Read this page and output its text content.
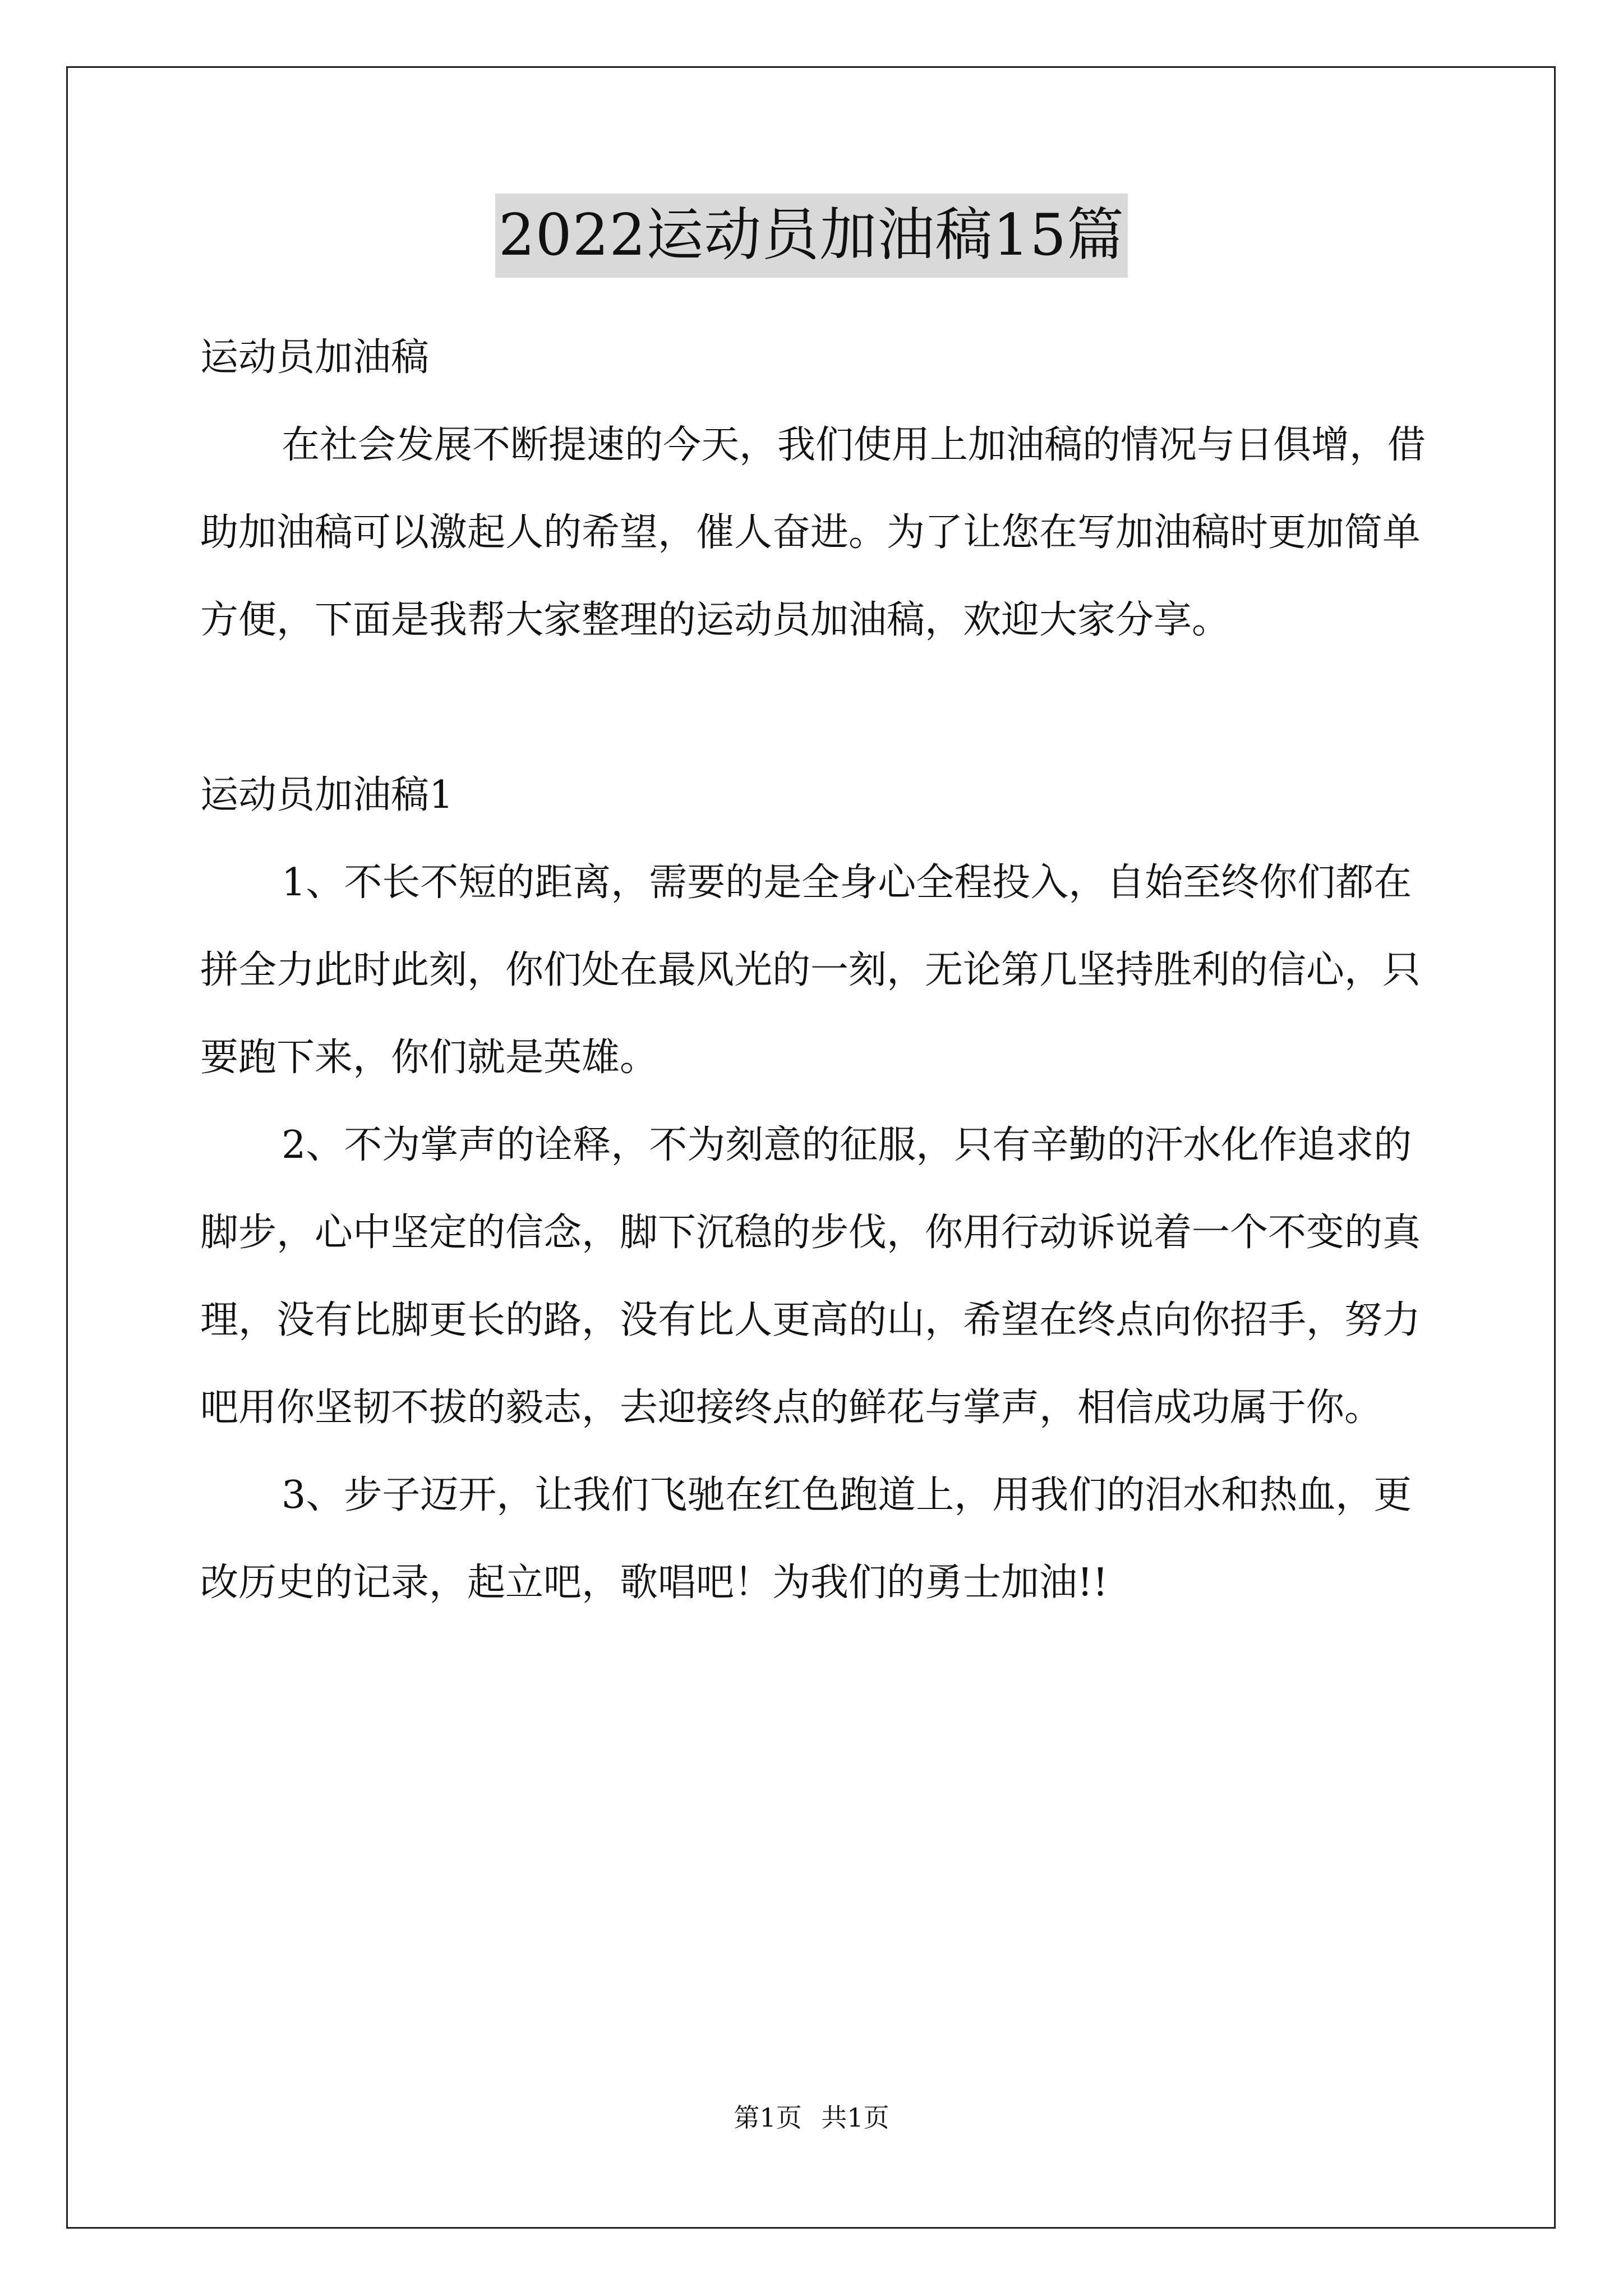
2022运动员加油稿15篇

运动员加油稿

在社会发展不断提速的今天，我们使用上加油稿的情况与日俱增，借助加油稿可以激起人的希望，催人奋进。为了让您在写加油稿时更加简单方便，下面是我帮大家整理的运动员加油稿，欢迎大家分享。

运动员加油稿1

1、不长不短的距离，需要的是全身心全程投入，自始至终你们都在拼全力此时此刻，你们处在最风光的一刻，无论第几坚持胜利的信心，只要跑下来，你们就是英雄。

2、不为掌声的诠释，不为刻意的征服，只有辛勤的汗水化作追求的脚步，心中坚定的信念，脚下沉稳的步伐，你用行动诉说着一个不变的真理，没有比脚更长的路，没有比人更高的山，希望在终点向你招手，努力吧用你坚韧不拔的毅志，去迎接终点的鲜花与掌声，相信成功属于你。

3、步子迈开，让我们飞驰在红色跑道上，用我们的泪水和热血，更改历史的记录，起立吧，歌唱吧！为我们的勇士加油!!

第1页 共1页
